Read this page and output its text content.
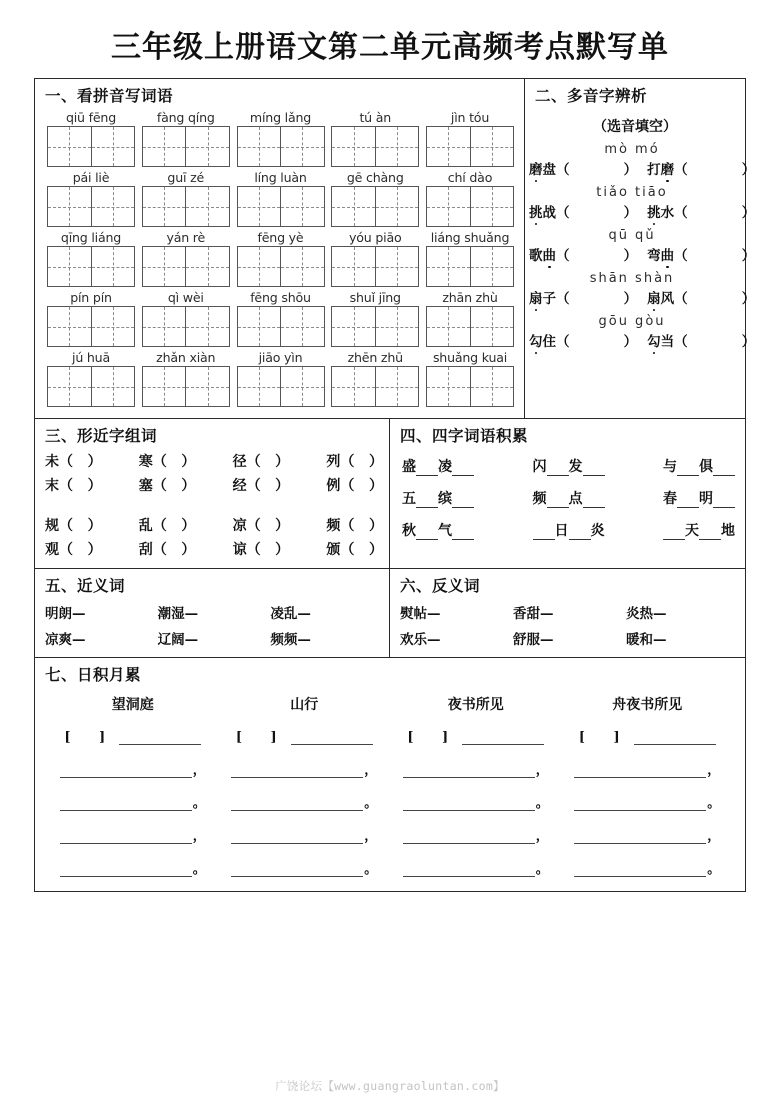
三年级上册语文第二单元高频考点默写单
一、看拼音写词语
qiū fēng	fàng qíng	míng lǎng	tú àn	jìn tóu
pái liè	guī zé	líng luàn	gē chàng	chí dào
qīng liáng	yán rè	fēng yè	yóu piāo	liáng shuǎng
pín pín	qì wèi	fēng shōu	shuǐ jīng	zhān zhù
jú huā	zhǎn xiàn	jiāo yìn	zhēn zhū	shuǎng kuai
二、多音字辨析
（选音填空）
mò mó
磨 盘 （   ） 打 磨 （   ）
tiǎo tiāo
挑 战 （   ） 挑 水 （   ）
qū qǔ
歌 曲 （   ） 弯 曲 （   ）
shān shàn
扇 子 （   ） 扇 风 （   ）
gōu gòu
勾 住 （   ） 勾 当 （   ）
三、形近字组词
未（   ）	寒（   ）	径（   ）	列（   ）
末（   ）	塞（   ）	经（   ）	例（   ）
规（   ）	乱（   ）	凉（   ）	频（   ）
观（   ）	刮（   ）	谅（   ）	颁（   ）
四、四字词语积累
盛 凌	闪 发	与 俱
五 缤	频 点	春 明
秋 气	日 炎	天 地
五、近义词
明朗—	潮湿—	凌乱—
凉爽—	辽阔—	频频—
六、反义词
熨帖—	香甜—	炎热—
欢乐—	舒服—	暖和—
七、日积月累
望洞庭	山行	夜书所见	舟夜书所见
[ ]	[ ]	[ ]	[ ]
，	，	，	，
。	。	。	。
，	，	，	，
。	。	。	。
广饶论坛【www.guangraoluntan.com】
